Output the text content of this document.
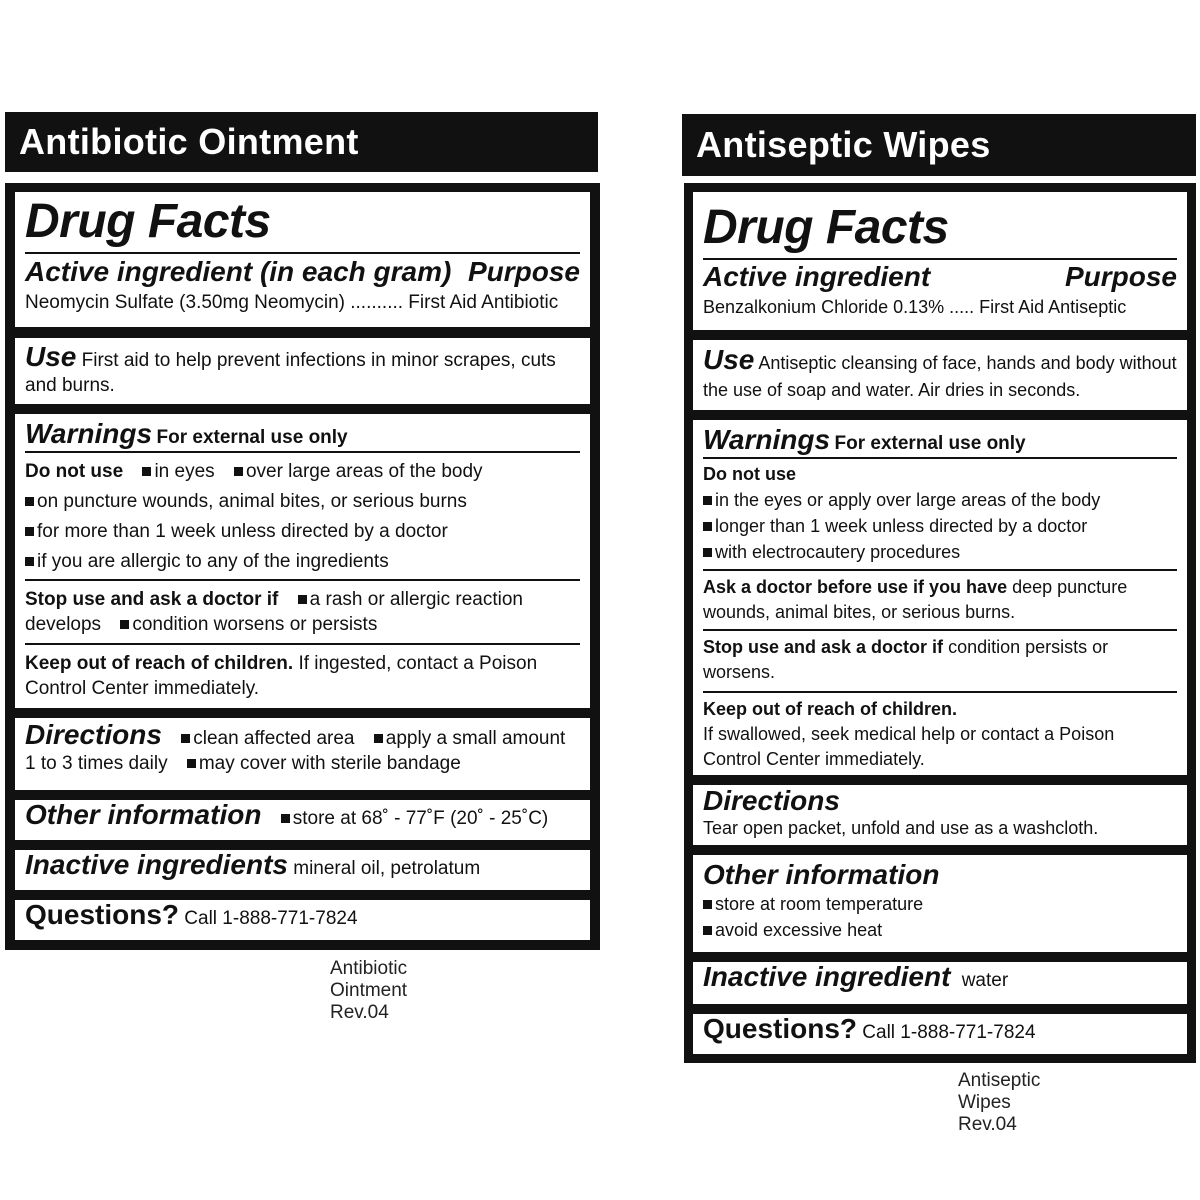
Antibiotic Ointment
Drug Facts
Active ingredient (in each gram) Purpose
Neomycin Sulfate (3.50mg Neomycin) .......... First Aid Antibiotic
Use First aid to help prevent infections in minor scrapes, cuts and burns.
Warnings For external use only
Do not use in eyes over large areas of the body
on puncture wounds, animal bites, or serious burns
for more than 1 week unless directed by a doctor
if you are allergic to any of the ingredients
Stop use and ask a doctor if a rash or allergic reaction develops condition worsens or persists
Keep out of reach of children. If ingested, contact a Poison Control Center immediately.
Directions clean affected area apply a small amount 1 to 3 times daily may cover with sterile bandage
Other information store at 68˚ - 77˚F (20˚ - 25˚C)
Inactive ingredients mineral oil, petrolatum
Questions? Call 1-888-771-7824
Antibiotic Ointment Rev.04
Antiseptic Wipes
Drug Facts
Active ingredient	Purpose
Benzalkonium Chloride 0.13% ..... First Aid Antiseptic
Use Antiseptic cleansing of face, hands and body without the use of soap and water. Air dries in seconds.
Warnings For external use only
Do not use
in the eyes or apply over large areas of the body
longer than 1 week unless directed by a doctor
with electrocautery procedures
Ask a doctor before use if you have deep puncture wounds, animal bites, or serious burns.
Stop use and ask a doctor if condition persists or worsens.
Keep out of reach of children.
If swallowed, seek medical help or contact a Poison Control Center immediately.
Directions
Tear open packet, unfold and use as a washcloth.
Other information
store at room temperature
avoid excessive heat
Inactive ingredient water
Questions? Call 1-888-771-7824
Antiseptic Wipes Rev.04
